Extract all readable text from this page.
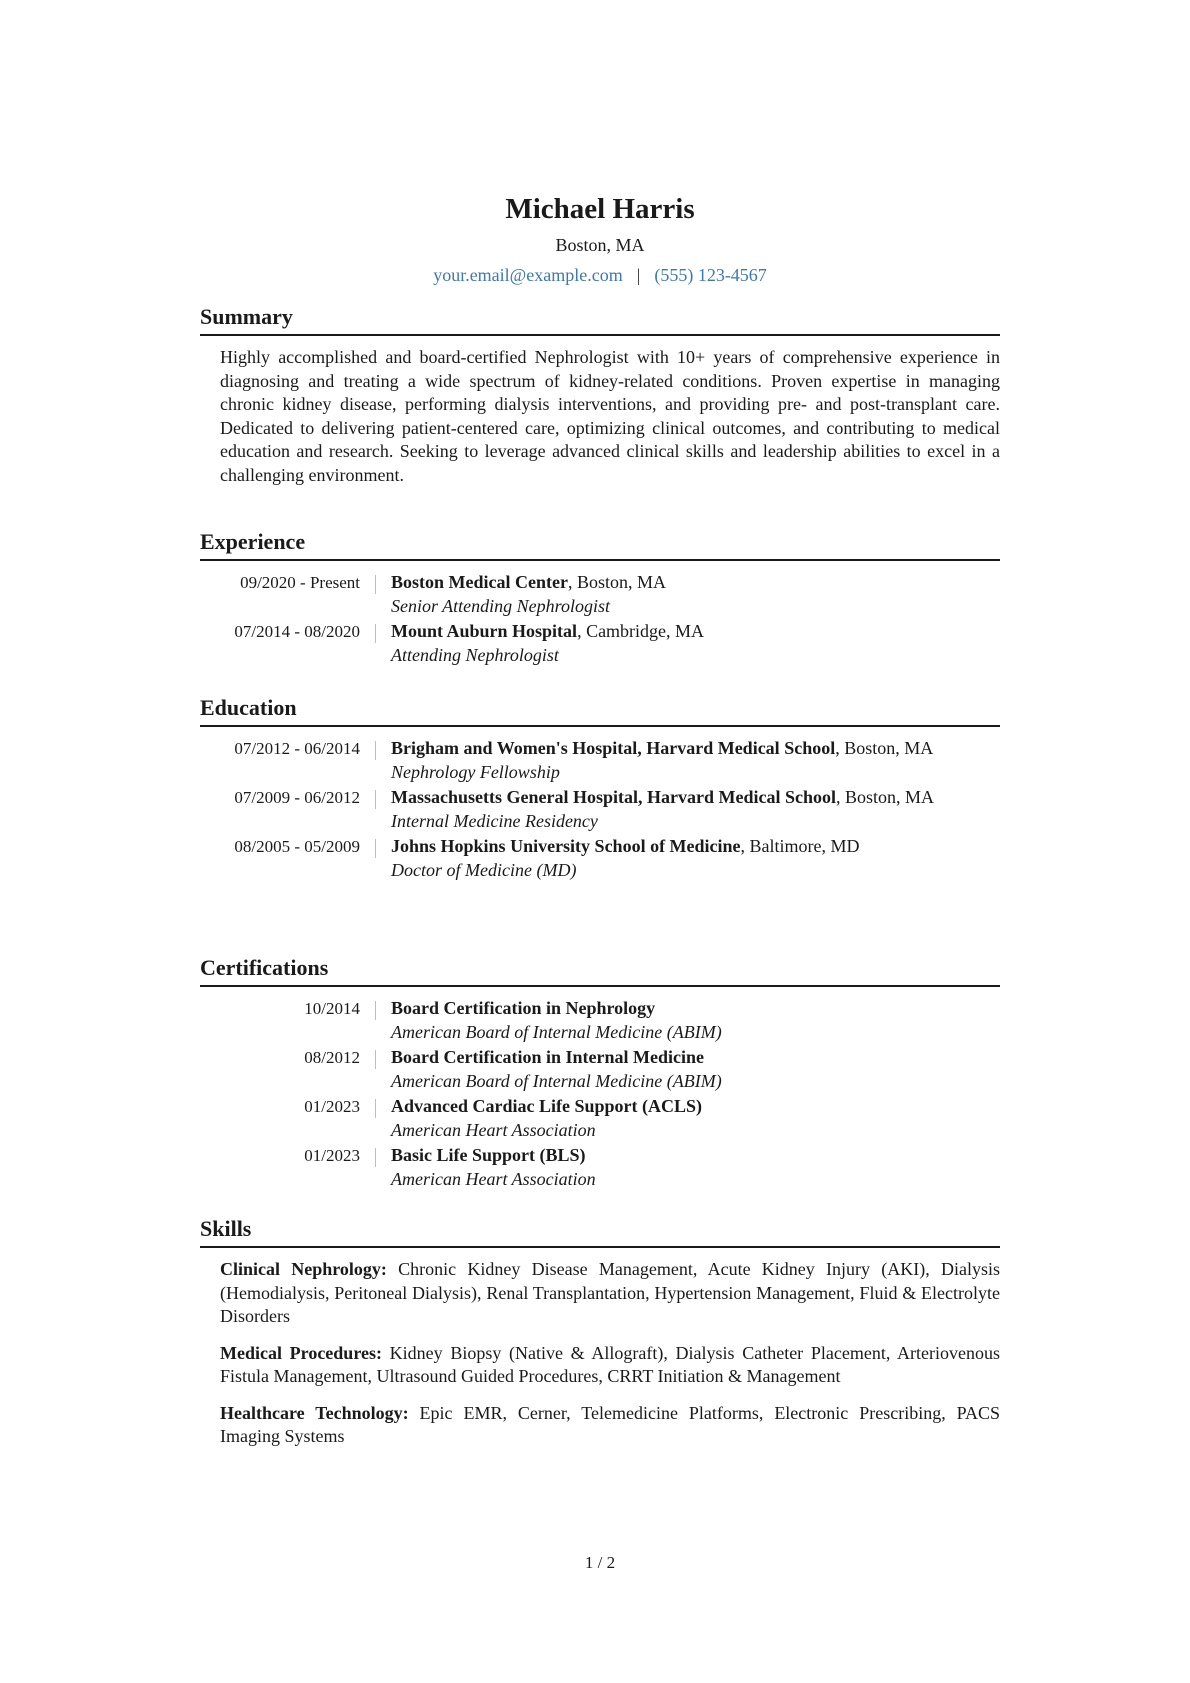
Michael Harris
Boston, MA
your.email@example.com | (555) 123-4567
Summary

Highly accomplished and board-certified Nephrologist with 10+ years of comprehensive experience in diagnosing and treating a wide spectrum of kidney-related conditions. Proven expertise in managing chronic kidney disease, performing dialysis interventions, and providing pre- and post-transplant care. Dedicated to delivering patient-centered care, optimizing clinical outcomes, and contributing to medical education and research. Seeking to leverage advanced clinical skills and leadership abilities to excel in a challenging environment.

Experience
09/2020 - Present	Boston Medical Center, Boston, MA
Senior Attending Nephrologist
07/2014 - 08/2020	Mount Auburn Hospital, Cambridge, MA
Attending Nephrologist
Education
07/2012 - 06/2014	Brigham and Women's Hospital, Harvard Medical School, Boston, MA
Nephrology Fellowship
07/2009 - 06/2012	Massachusetts General Hospital, Harvard Medical School, Boston, MA
Internal Medicine Residency
08/2005 - 05/2009	Johns Hopkins University School of Medicine, Baltimore, MD
Doctor of Medicine (MD)
Certifications
10/2014	Board Certification in Nephrology
American Board of Internal Medicine (ABIM)
08/2012	Board Certification in Internal Medicine
American Board of Internal Medicine (ABIM)
01/2023	Advanced Cardiac Life Support (ACLS)
American Heart Association
01/2023	Basic Life Support (BLS)
American Heart Association
Skills
Clinical Nephrology: Chronic Kidney Disease Management, Acute Kidney Injury (AKI), Dialysis (Hemodialysis, Peritoneal Dialysis), Renal Transplantation, Hypertension Management, Fluid & Electrolyte Disorders
Medical Procedures: Kidney Biopsy (Native & Allograft), Dialysis Catheter Placement, Arteriovenous Fistula Management, Ultrasound Guided Procedures, CRRT Initiation & Management
Healthcare Technology: Epic EMR, Cerner, Telemedicine Platforms, Electronic Prescribing, PACS Imaging Systems
1 / 2
